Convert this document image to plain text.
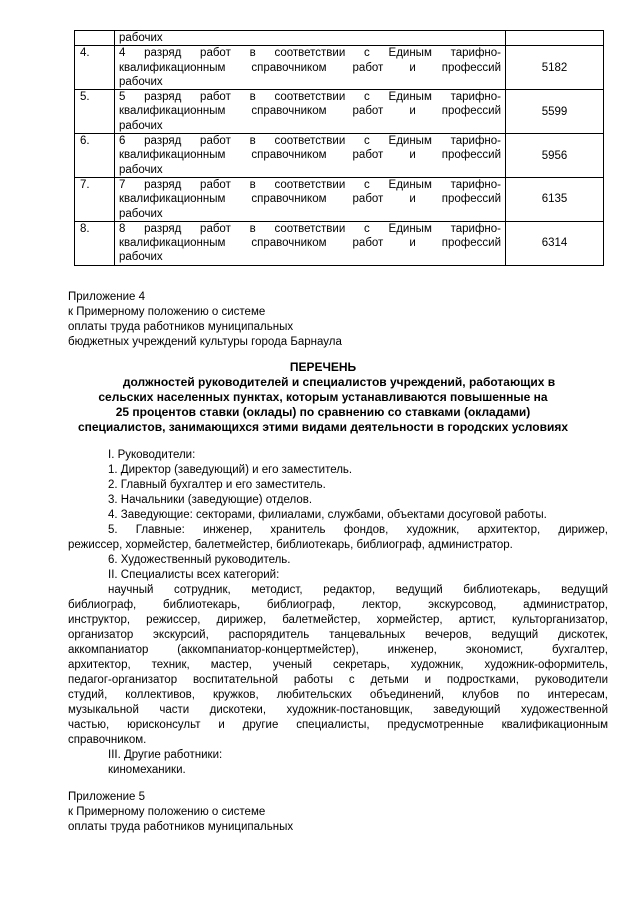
	рабочих	

4.	4 разряд работ в соответствии с Единым тарифно-
квалификационным справочником работ и профессий
рабочих	5182
5.	5 разряд работ в соответствии с Единым тарифно-
квалификационным справочником работ и профессий
рабочих	5599
6.	6 разряд работ в соответствии с Единым тарифно-
квалификационным справочником работ и профессий
рабочих	5956
7.	7 разряд работ в соответствии с Единым тарифно-
квалификационным справочником работ и профессий
рабочих	6135
8.	8 разряд работ в соответствии с Единым тарифно-
квалификационным справочником работ и профессий
рабочих	6314
Приложение 4
к Примерному положению о системе
оплаты труда работников муниципальных
бюджетных учреждений культуры города Барнаула
ПЕРЕЧЕНЬ
должностей руководителей и специалистов учреждений, работающих в
сельских населенных пунктах, которым устанавливаются повышенные на
25 процентов ставки (оклады) по сравнению со ставками (окладами)
специалистов, занимающихся этими видами деятельности в городских условиях
I. Руководители:
1. Директор (заведующий) и его заместитель.
2. Главный бухгалтер и его заместитель.
3. Начальники (заведующие) отделов.
4. Заведующие: секторами, филиалами, службами, объектами досуговой работы.
5. Главные: инженер, хранитель фондов, художник, архитектор, дирижер,
режиссер, хормейстер, балетмейстер, библиотекарь, библиограф, администратор.
6. Художественный руководитель.
II. Специалисты всех категорий:
научный сотрудник, методист, редактор, ведущий библиотекарь, ведущий
библиограф, библиотекарь, библиограф, лектор, экскурсовод, администратор,
инструктор, режиссер, дирижер, балетмейстер, хормейстер, артист, культорганизатор,
организатор экскурсий, распорядитель танцевальных вечеров, ведущий дискотек,
аккомпаниатор (аккомпаниатор-концертмейстер), инженер, экономист, бухгалтер,
архитектор, техник, мастер, ученый секретарь, художник, художник-оформитель,
педагог-организатор воспитательной работы с детьми и подростками, руководители
студий, коллективов, кружков, любительских объединений, клубов по интересам,
музыкальной части дискотеки, художник-постановщик, заведующий художественной
частью, юрисконсульт и другие специалисты, предусмотренные квалификационным
справочником.
III. Другие работники:
киномеханики.
Приложение 5
к Примерному положению о системе
оплаты труда работников муниципальных
